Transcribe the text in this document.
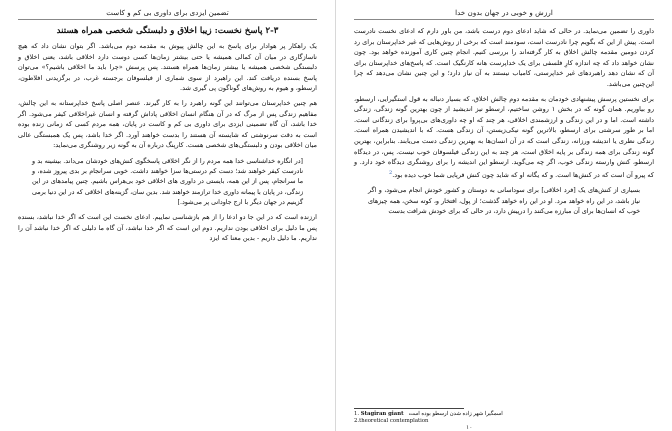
تضمین ایزدی برای داوری بی کم و کاست
۲-۳ پاسخ نخست: زیبا اخلاق و دلبستگی شخصی همراه هستند

یک راهکار پر هوادار برای پاسخ به این چالش پیوش به مقدمه دوم می‌باشد. اگر بتوان نشان داد که هیچ ناسازگاری در میان آن کمالی همیشه یا حتی بیشتر زمان‌ها کسی دوست دارد اخلاقی باشد، یعنی اخلاق و دلبستگی شخصی همیشه یا بیشتر زمان‌ها همراه هستند. پس پرسش «چرا باید ما اخلاقی باشیم؟» می‌توان پاسخ بسنده دریافت کند. این راهبرد از سوی شماری از فیلسوفان برجسته غرب، در برگزیدنی افلاطون، ارسطو، و هیوم به روش‌های گوناگون پی گیری شد.

هم چنین خداپرستان می‌توانند این گونه راهبرد را به کار گیرند. عنصر اصلی پاسخ خداپرستانه به این چالش، مفاهیم زندگی پس از مرگ که در آن هنگام انسان اخلاقی پاداش گرفته و انسان غیراخلاقی کیفر می‌شود. اگر خدا باشد، آن گاه تضمینی ایزدی برای داوری بی کم و کاست در پایان، همه مردم کسی که زمانی زنده بوده است به دقت سرنوشتی که شایسته آن هستند را بدست خواهند آورد. اگر خدا باشد، پس یک همبستگی عالی میان اخلاقی بودن و دلبستگی‌های شخصی هست. کارپنگ درباره آن به گونه زیر روشنگری می‌نماید:

[در انگاره خداشناسی خدا همه مردم را از نگر اخلاقی پاسخگوی کنش‌های خودشان می‌داند. بیشینه بد و نادرست کیفر خواهند شد؛ دست کم درستی‌ها سزا خواهند داشت. خوبی سرانجام بر بدی پیروز شده، و ما سرانجام، پس از این همه، بایستی در داوری های اخلاقی خود بی‌هراس باشیم. چنین پیامدهای در این زندگی، در پایان با پیمانه داوری خدا ترازمند خواهند شد. بدین سان، گزینه‌های اخلاقی که در این دنیا برمی گزینیم در جهان دیگر با ارج جاودانی پر می‌شود.]

ارزنده است که در این جا دو ادعا را از هم بازشناسی نماییم. ادعای نخست این است که اگر خدا نباشد، بسنده پس ما دلیل برای اخلاقی بودن نداریم. دوم این است که اگر خدا نباشد، آن گاه ما دلیلی که اگر خدا نباشد آن را نداریم. ما دلیل داریم - بدین معنا که ایزد

ارزش و خوبی در جهان بدون خدا

داوری را تضمین می‌نماید. در حالی که شاید ادعای دوم درست باشد، من باور دارم که ادعای نخست نادرست است. پیش از این که بگویم چرا نادرست است، سودمند است که برخی از روش‌هایی که غیر خداپرستان برای رد کردن دومین مقدمه چالش اخلاق به کار گرفته‌اند را بررسی کنیم. انجام چنین کاری آموزنده خواهد بود. چون نشان خواهد داد که چه اندازه کارِ فلسفی برای یک خداپرست هانه کارنگیک است. که پاسخ‌های خداپرستان برای آن که نشان دهد راهبردهای غیر خداپرستی، کامیاب نیستند به آن نیاز دارد؛ و این چنین نشان می‌دهد که چرا این‌چنین می‌باشد.

برای نخستین پرسش پیشنهادی خودمان به مقدمه دوم چالش اخلاق، که بسیار دنباله به قول استگیرایی، ارسطو، رو بیاوریم. همان گونه که در بخش ۱ روشن ساختیم، ارسطو نیز اندیشید از چون بهترین گونه زندگی، زندگی داشته است. اما و در این زندگی و ارزشمندی اخلاقی، هر چند که او چه داوری‌های بی‌پروا برای زندگانی است. اما بر طور سرشتی برای ارسطو، بالاترین گونه نیکی‌زیستن، آن زندگی هست. که با اندیشیدن همراه است. زندگی نظری یا اندیشه ورزانه، زندگی است که در آن انسان‌ها به بهترین زندگی دست می‌یابند. بنابراین، بهترین گونه زندگی برای همه زندگی بر پایه اخلاق است، هر چند به این زندگی فیلسوفان خوب نیست. پس، در دیدگاه ارسطو، کنش وارسته زندگی خوب، اگر چه می‌گوید. ارسطو این اندیشه را برای روشنگری دیدگاه خود دارد. و که پیرو آن است که در کنش‌ها است. و که یگانه او که شاید چون کنش فرپایی شما خوب دیده بود.$^2$

بسیاری از کنش‌های یک [فرد اخلاقی] برای سوداسانی به دوستان و کشور خودش انجام می‌شود، و اگر نیاز باشد، در این راه خواهد مرد. او در این راه خواهد گذشت؛ از پول، افتخار و، کوته سخن، همه چیزهای خوب که انسان‌ها برای آن مبارزه می‌کنند را درپیش دارد، در حالی که برای خودش شرافت بدست

1. Stagiran giant اسمگیرا شهر زاده شدن ارسطو بوده است
2.theoretical contemplation
۱۰
